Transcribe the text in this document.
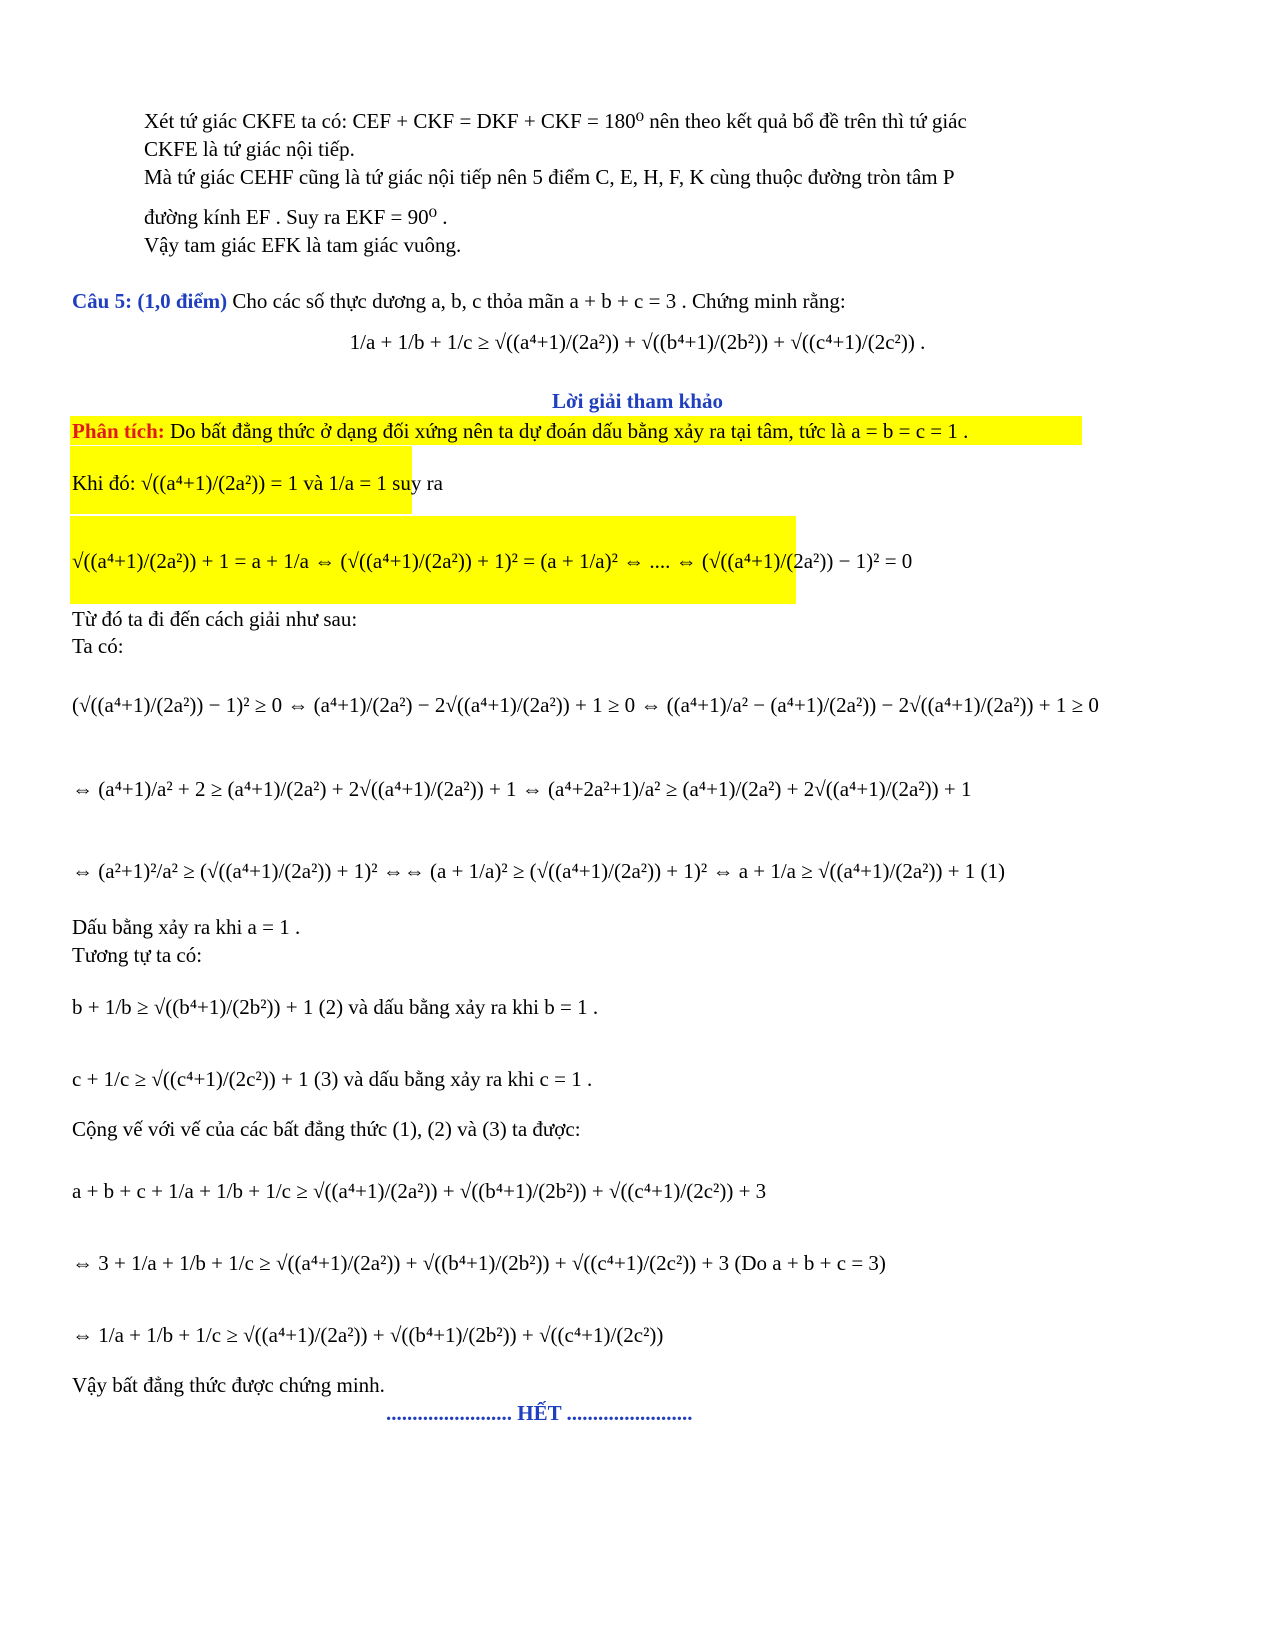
Xét tứ giác CKFE ta có: CEF + CKF = DKF + CKF = 180⁰ nên theo kết quả bổ đề trên thì tứ giác
CKFE là tứ giác nội tiếp.
Mà tứ giác CEHF cũng là tứ giác nội tiếp nên 5 điểm C, E, H, F, K cùng thuộc đường tròn tâm P
đường kính EF . Suy ra EKF = 90⁰ .
Vậy tam giác EFK là tam giác vuông.
Câu 5: (1,0 điểm) Cho các số thực dương a, b, c thỏa mãn a + b + c = 3 . Chứng minh rằng:
1/a + 1/b + 1/c ≥ √((a⁴+1)/(2a²)) + √((b⁴+1)/(2b²)) + √((c⁴+1)/(2c²)) .
Lời giải tham khảo
Phân tích: Do bất đẳng thức ở dạng đối xứng nên ta dự đoán dấu bằng xảy ra tại tâm, tức là a = b = c = 1 .
Khi đó: √((a⁴+1)/(2a²)) = 1 và 1/a = 1 suy ra
√((a⁴+1)/(2a²)) + 1 = a + 1/a ⇔ (√((a⁴+1)/(2a²)) + 1)² = (a + 1/a)² ⇔ .... ⇔ (√((a⁴+1)/(2a²)) − 1)² = 0
Từ đó ta đi đến cách giải như sau:
Ta có:
(√((a⁴+1)/(2a²)) − 1)² ≥ 0 ⇔ (a⁴+1)/(2a²) − 2√((a⁴+1)/(2a²)) + 1 ≥ 0 ⇔ ((a⁴+1)/a² − (a⁴+1)/(2a²)) − 2√((a⁴+1)/(2a²)) + 1 ≥ 0
⇔ (a⁴+1)/a² + 2 ≥ (a⁴+1)/(2a²) + 2√((a⁴+1)/(2a²)) + 1 ⇔ (a⁴+2a²+1)/a² ≥ (a⁴+1)/(2a²) + 2√((a⁴+1)/(2a²)) + 1
⇔ (a²+1)²/a² ≥ (√((a⁴+1)/(2a²)) + 1)² ⇔⇔ (a + 1/a)² ≥ (√((a⁴+1)/(2a²)) + 1)² ⇔ a + 1/a ≥ √((a⁴+1)/(2a²)) + 1 (1)
Dấu bằng xảy ra khi a = 1 .
Tương tự ta có:
b + 1/b ≥ √((b⁴+1)/(2b²)) + 1 (2) và dấu bằng xảy ra khi b = 1 .
c + 1/c ≥ √((c⁴+1)/(2c²)) + 1 (3) và dấu bằng xảy ra khi c = 1 .
Cộng vế với vế của các bất đẳng thức (1), (2) và (3) ta được:
a + b + c + 1/a + 1/b + 1/c ≥ √((a⁴+1)/(2a²)) + √((b⁴+1)/(2b²)) + √((c⁴+1)/(2c²)) + 3
⇔ 3 + 1/a + 1/b + 1/c ≥ √((a⁴+1)/(2a²)) + √((b⁴+1)/(2b²)) + √((c⁴+1)/(2c²)) + 3 (Do a + b + c = 3)
⇔ 1/a + 1/b + 1/c ≥ √((a⁴+1)/(2a²)) + √((b⁴+1)/(2b²)) + √((c⁴+1)/(2c²))
Vậy bất đẳng thức được chứng minh.
........................ HẾT ........................
